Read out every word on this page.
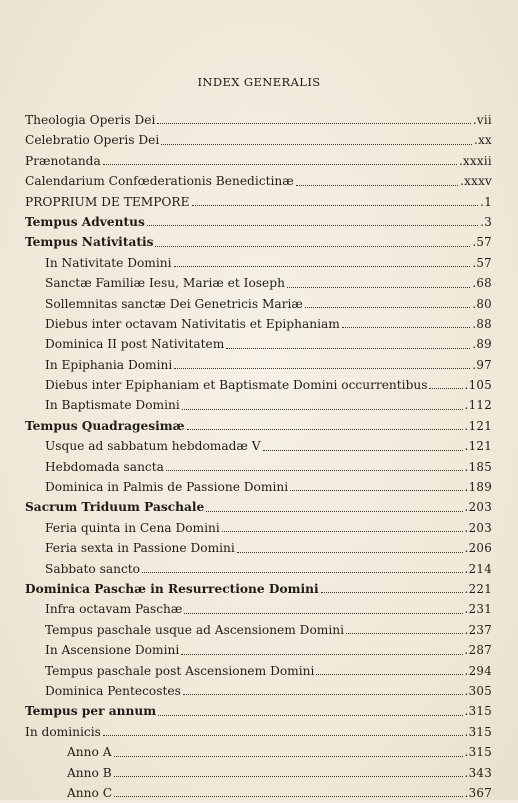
INDEX GENERALIS
Theologia Operis Dei	.vii
Celebratio Operis Dei	.xx
Prænotanda	.xxxii
Calendarium Confœderationis Benedictinæ	.xxxv
PROPRIUM DE TEMPORE	.1
Tempus Adventus	.3
Tempus Nativitatis	.57
In Nativitate Domini	.57
Sanctæ Familiæ Iesu, Mariæ et Ioseph	.68
Sollemnitas sanctæ Dei Genetricis Mariæ	.80
Diebus inter octavam Nativitatis et Epiphaniam	.88
Dominica II post Nativitatem	.89
In Epiphania Domini	.97
Diebus inter Epiphaniam et Baptismate Domini occurrentibus	.105
In Baptismate Domini	.112
Tempus Quadragesimæ	.121
Usque ad sabbatum hebdomadæ V	.121
Hebdomada sancta	.185
Dominica in Palmis de Passione Domini	.189
Sacrum Triduum Paschale	.203
Feria quinta in Cena Domini	.203
Feria sexta in Passione Domini	.206
Sabbato sancto	.214
Dominica Paschæ in Resurrectione Domini	.221
Infra octavam Paschæ	.231
Tempus paschale usque ad Ascensionem Domini	.237
In Ascensione Domini	.287
Tempus paschale post Ascensionem Domini	.294
Dominica Pentecostes	.305
Tempus per annum	.315
In dominicis	.315
Anno A	.315
Anno B	.343
Anno C	.367
